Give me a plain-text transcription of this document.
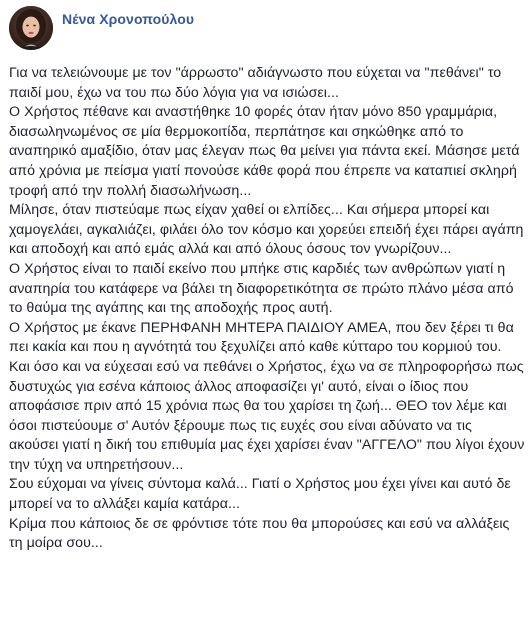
Νένα Χρονοπούλου

Για να τελειώνουμε με τον "άρρωστο" αδιάγνωστο που εύχεται να "πεθάνει" το παιδί μου, έχω να του πω δύο λόγια για να ισιώσει...

Ο Χρήστος πέθανε και αναστήθηκε 10 φορές όταν ήταν μόνο 850 γραμμάρια, διασωληνωμένος σε μία θερμοκοιτίδα, περπάτησε και σηκώθηκε από το αναπηρικό αμαξίδιο, όταν μας έλεγαν πως θα μείνει για πάντα εκεί. Μάσησε μετά από χρόνια με πείσμα γιατί πονούσε κάθε φορά που έπρεπε να καταπιεί σκληρή τροφή από την πολλή διασωλήνωση...

Μίλησε, όταν πιστεύαμε πως είχαν χαθεί οι ελπίδες... Και σήμερα μπορεί και χαμογελάει, αγκαλιάζει, φιλάει όλο τον κόσμο και χορεύει επειδή έχει πάρει αγάπη και αποδοχή και από εμάς αλλά και από όλους όσους τον γνωρίζουν...

Ο Χρήστος είναι το παιδί εκείνο που μπήκε στις καρδιές των ανθρώπων γιατί η αναπηρία του κατάφερε να βάλει τη διαφορετικότητα σε πρώτο πλάνο μέσα από το θαύμα της αγάπης και της αποδοχής προς αυτή.

Ο Χρήστος με έκανε ΠΕΡΗΦΑΝΗ ΜΗΤΕΡΑ ΠΑΙΔΙΟΥ ΑΜΕΑ, που δεν ξέρει τι θα πει κακία και που η αγνότητά του ξεχυλίζει από καθε κύτταρο του κορμιού του.

Και όσο και να εύχεσαι εσύ να πεθάνει ο Χρήστος, έχω να σε πληροφορήσω πως δυστυχώς για εσένα κάποιος άλλος αποφασίζει γι' αυτό, είναι ο ίδιος που αποφάσισε πριν από 15 χρόνια πως θα του χαρίσει τη ζωή... ΘΕΟ τον λέμε και όσοι πιστεύουμε σ' Αυτόν ξέρουμε πως τις ευχές σου είναι αδύνατο να τις ακούσει γιατί η δική του επιθυμία μας έχει χαρίσει έναν "ΑΓΓΕΛΟ" που λίγοι έχουν την τύχη να υπηρετήσουν...

Σου εύχομαι να γίνεις σύντομα καλά... Γιατί ο Χρήστος μου έχει γίνει και αυτό δε μπορεί να το αλλάξει καμία κατάρα...

Κρίμα που κάποιος δε σε φρόντισε τότε που θα μπορούσες και εσύ να αλλάξεις τη μοίρα σου...
